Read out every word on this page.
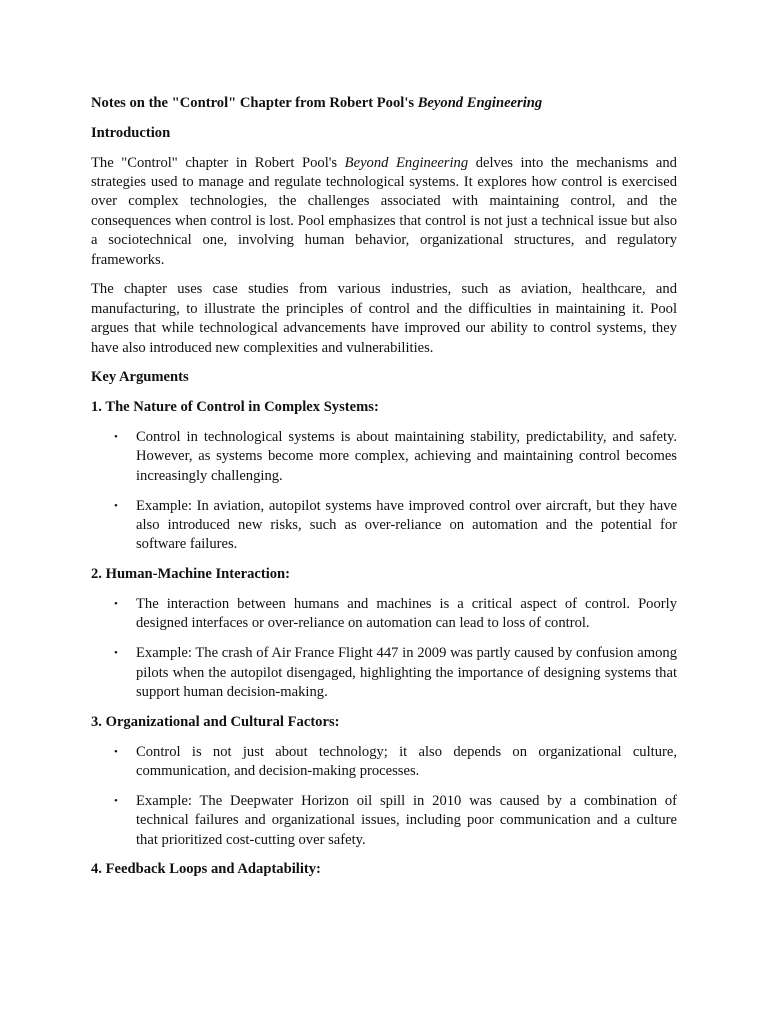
Notes on the "Control" Chapter from Robert Pool's Beyond Engineering

Introduction

The "Control" chapter in Robert Pool's Beyond Engineering delves into the mechanisms and strategies used to manage and regulate technological systems. It explores how control is exercised over complex technologies, the challenges associated with maintaining control, and the consequences when control is lost. Pool emphasizes that control is not just a technical issue but also a sociotechnical one, involving human behavior, organizational structures, and regulatory frameworks.

The chapter uses case studies from various industries, such as aviation, healthcare, and manufacturing, to illustrate the principles of control and the difficulties in maintaining it. Pool argues that while technological advancements have improved our ability to control systems, they have also introduced new complexities and vulnerabilities.

Key Arguments

1. The Nature of Control in Complex Systems:

• Control in technological systems is about maintaining stability, predictability, and safety. However, as systems become more complex, achieving and maintaining control becomes increasingly challenging.
• Example: In aviation, autopilot systems have improved control over aircraft, but they have also introduced new risks, such as over-reliance on automation and the potential for software failures.

2. Human-Machine Interaction:

• The interaction between humans and machines is a critical aspect of control. Poorly designed interfaces or over-reliance on automation can lead to loss of control.
• Example: The crash of Air France Flight 447 in 2009 was partly caused by confusion among pilots when the autopilot disengaged, highlighting the importance of designing systems that support human decision-making.

3. Organizational and Cultural Factors:

• Control is not just about technology; it also depends on organizational culture, communication, and decision-making processes.
• Example: The Deepwater Horizon oil spill in 2010 was caused by a combination of technical failures and organizational issues, including poor communication and a culture that prioritized cost-cutting over safety.

4. Feedback Loops and Adaptability:
